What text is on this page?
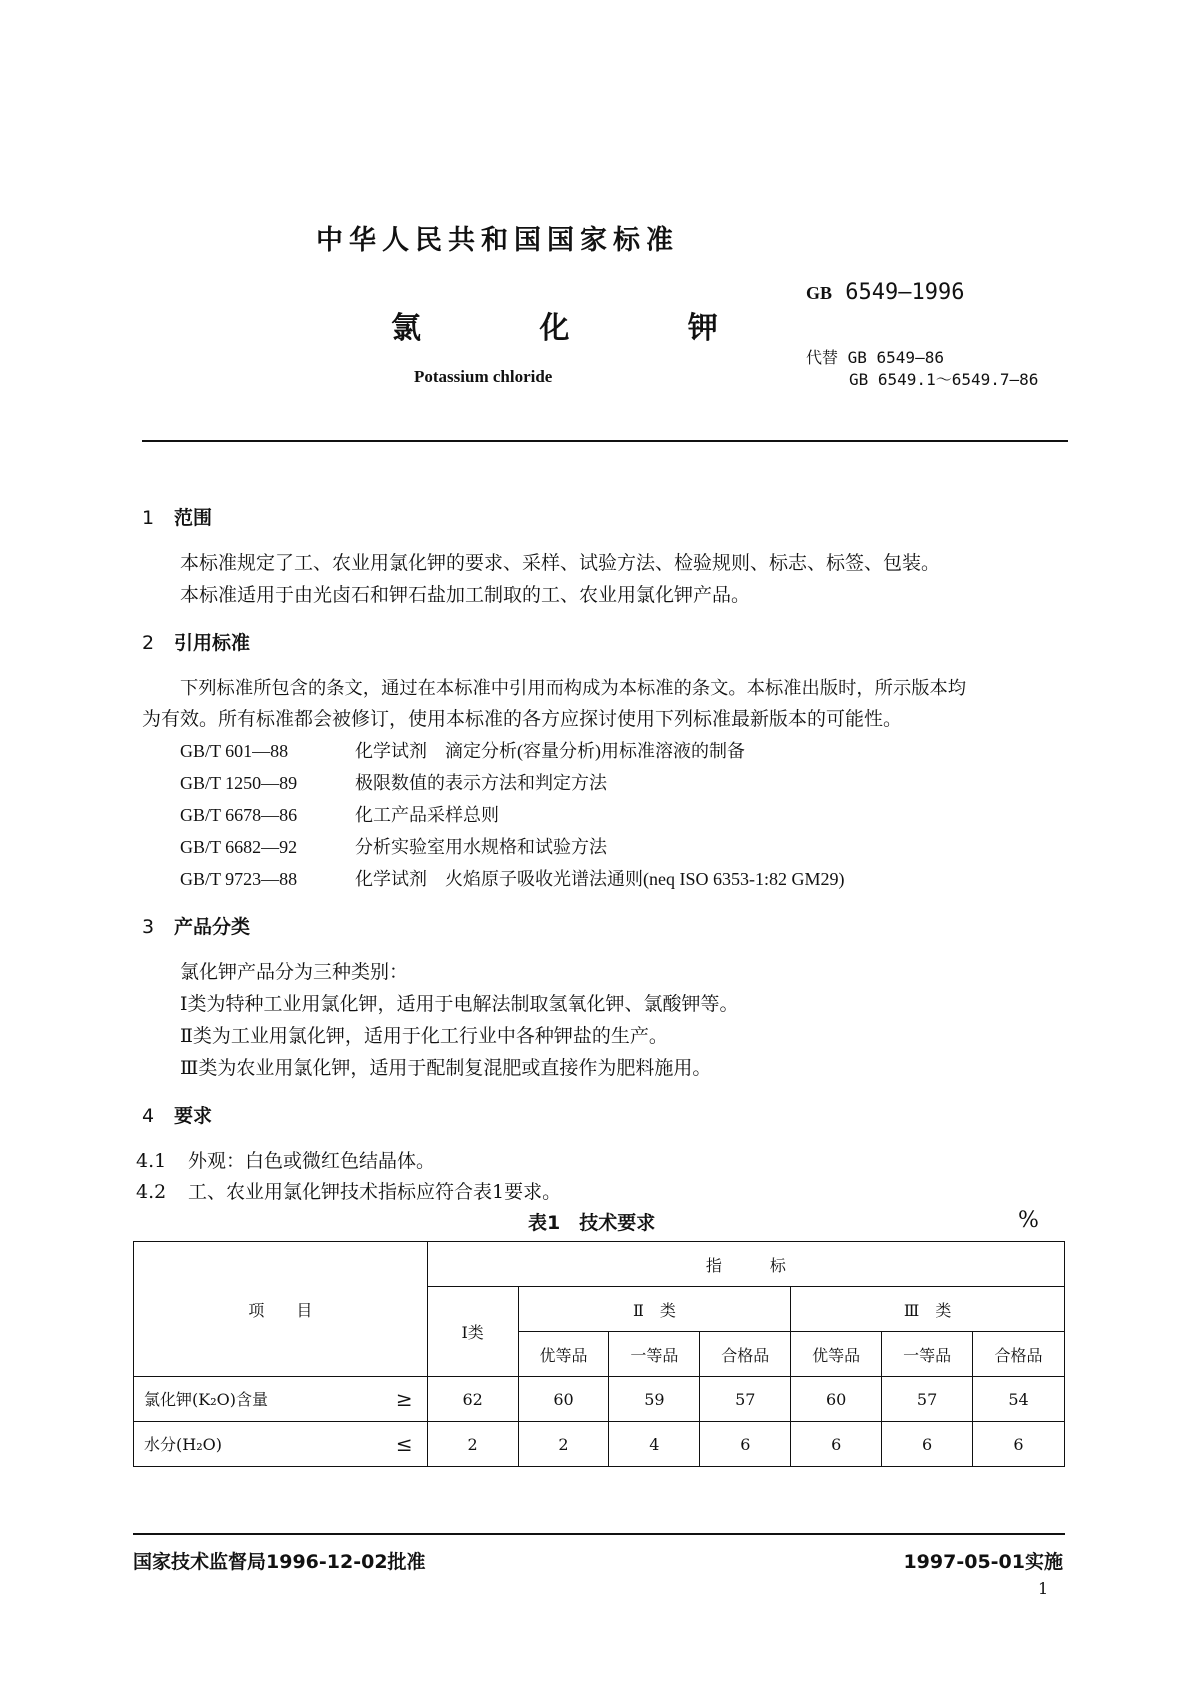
中华人民共和国国家标准
氯 化 钾
Potassium chloride
GB 6549—1996
代替 GB 6549—86
GB 6549.1～6549.7—86
1 范围
本标准规定了工、农业用氯化钾的要求、采样、试验方法、检验规则、标志、标签、包装。
本标准适用于由光卤石和钾石盐加工制取的工、农业用氯化钾产品。
2 引用标准
下列标准所包含的条文，通过在本标准中引用而构成为本标准的条文。本标准出版时，所示版本均
为有效。所有标准都会被修订，使用本标准的各方应探讨使用下列标准最新版本的可能性。
GB/T 601—88	化学试剂　滴定分析(容量分析)用标准溶液的制备
GB/T 1250—89	极限数值的表示方法和判定方法
GB/T 6678—86	化工产品采样总则
GB/T 6682—92	分析实验室用水规格和试验方法
GB/T 9723—88	化学试剂　火焰原子吸收光谱法通则(neq ISO 6353-1:82 GM29)
3 产品分类
氯化钾产品分为三种类别：
Ⅰ类为特种工业用氯化钾，适用于电解法制取氢氧化钾、氯酸钾等。
Ⅱ类为工业用氯化钾，适用于化工行业中各种钾盐的生产。
Ⅲ类为农业用氯化钾，适用于配制复混肥或直接作为肥料施用。
4 要求
4.1 外观：白色或微红色结晶体。
4.2 工、农业用氯化钾技术指标应符合表1要求。
表1　技术要求	%
项　　目	指　　　标						
	Ⅰ类	Ⅱ　类			Ⅲ　类		
		优等品	一等品	合格品	优等品	一等品	合格品
氯化钾(K₂O)含量 ≥	62	60	59	57	60	57	54
水分(H₂O) ≤	2	2	4	6	6	6	6
国家技术监督局1996-12-02批准	1997-05-01实施
1
